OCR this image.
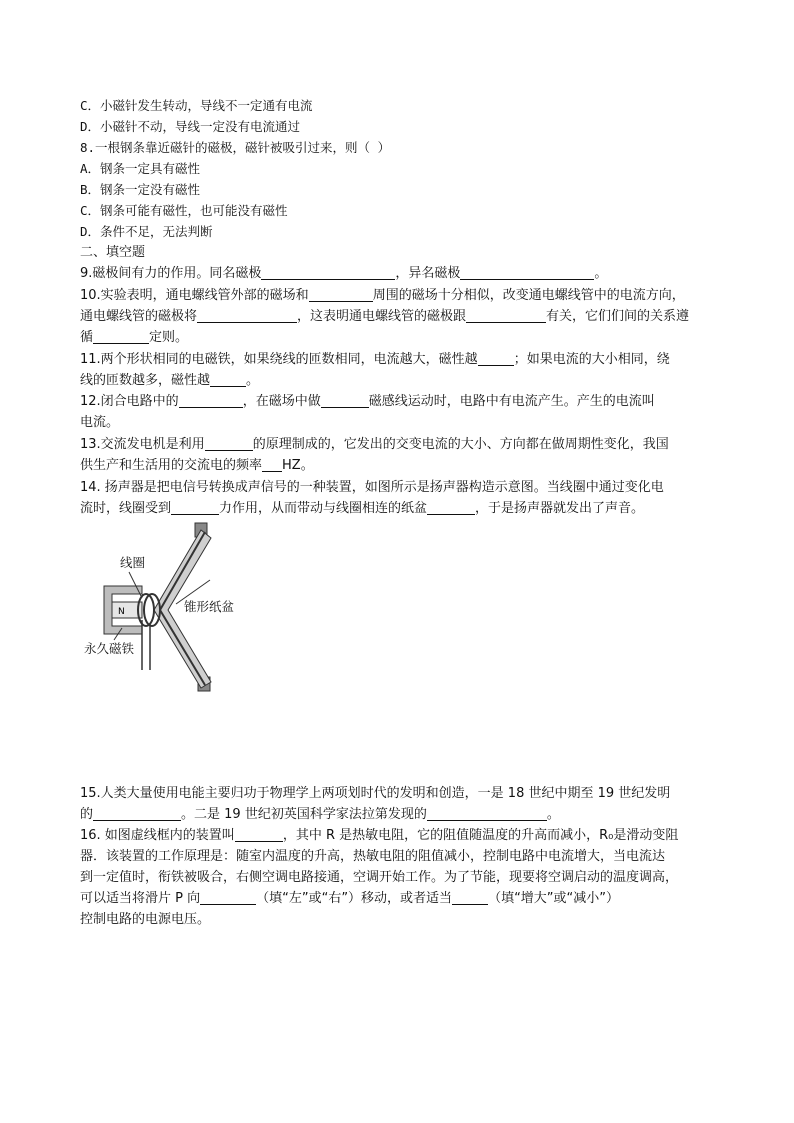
C．小磁针发生转动，导线不一定通有电流
D．小磁针不动，导线一定没有电流通过
8.一根钢条靠近磁针的磁极，磁针被吸引过来，则（ ）
A．钢条一定具有磁性
B．钢条一定没有磁性
C．钢条可能有磁性，也可能没有磁性
D．条件不足，无法判断
二、填空题
9.磁极间有力的作用。同名磁极	，异名磁极	。
10.实验表明，通电螺线管外部的磁场和	周围的磁场十分相似，改变通电螺线管中的电流方向，
通电螺线管的磁极将	，这表明通电螺线管的磁极跟	有关，它们们间的关系遵
循	定则。
11.两个形状相同的电磁铁，如果绕线的匝数相同，电流越大，磁性越	；如果电流的大小相同，绕
线的匝数越多，磁性越	。
12.闭合电路中的	，在磁场中做	磁感线运动时，电路中有电流产生。产生的电流叫
电流。
13.交流发电机是利用	的原理制成的，它发出的交变电流的大小、方向都在做周期性变化，我国
供生产和生活用的交流电的频率 HZ。
14. 扬声器是把电信号转换成声信号的一种装置，如图所示是扬声器构造示意图。当线圈中通过变化电
流时，线圈受到	力作用，从而带动与线圈相连的纸盆	，于是扬声器就发出了声音。
N
线圈
锥形纸盆
永久磁铁
15.人类大量使用电能主要归功于物理学上两项划时代的发明和创造，一是 18 世纪中期至 19 世纪发明
的	。二是 19 世纪初英国科学家法拉第发现的	。
16. 如图虚线框内的装置叫	，其中 R 是热敏电阻，它的阻值随温度的升高而减小，R₀是滑动变阻
器．该装置的工作原理是：随室内温度的升高，热敏电阻的阻值减小，控制电路中电流增大，当电流达
到一定值时，衔铁被吸合，右侧空调电路接通，空调开始工作。为了节能，现要将空调启动的温度调高，
可以适当将滑片 P 向	（填“左”或“右”）移动，或者适当	（填“增大”或“减小”）
控制电路的电源电压。
